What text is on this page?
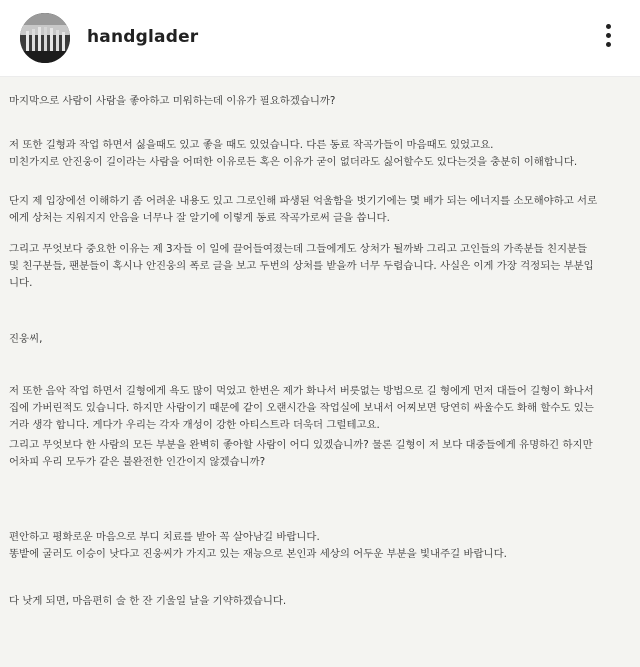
handglader

마지막으로 사람이 사람을 좋아하고 미워하는데 이유가 필요하겠습니까?

저 또한 길형과 작업 하면서 싫을때도 있고 좋을 때도 있었습니다. 다른 동료 작곡가들이 마음때도 있었고요.
미친가지로 안진웅이 길이라는 사람을 어떠한 이유로든 혹은 이유가 굳이 없더라도 싫어할수도 있다는것을 충분히 이해합니다.

단지 제 입장에선 이해하기 좀 어려운 내용도 있고 그로인해 파생된 억울함을 벗기기에는 몇 배가 되는 에너지를 소모해야하고 서로
에게 상처는 지워지지 안음을 너무나 잘 알기에 이렇게 동료 작곡가로써 글을 씁니다.

그리고 무엇보다 중요한 이유는 제 3자들 이 일에 끌어들여졌는데 그들에게도 상처가 될까봐 그리고 고인들의 가족분들 친지분들
및 친구분들, 팬분들이 혹시나 안진웅의 폭로 글을 보고 두번의 상처를 받을까 너무 두렵습니다. 사실은 이게 가장 걱정되는 부분입
니다.

진웅씨,

저 또한 음악 작업 하면서 길형에게 욕도 많이 먹었고 한번은 제가 화나서 버릇없는 방법으로 길 형에게 먼저 대들어 길형이 화나서
집에 가버린적도 있습니다. 하지만 사람이기 때문에 같이 오랜시간을 작업실에 보내서 어찌보면 당연히 싸울수도 화해 할수도 있는
거라 생각 합니다. 게다가 우리는 각자 개성이 강한 아티스트라 더욱더 그럴테고요.

그리고 무엇보다 한 사람의 모든 부분을 완벽히 좋아할 사람이 어디 있겠습니까? 물론 길형이 저 보다 대중들에게 유명하긴 하지만
어차피 우리 모두가 같은 불완전한 인간이지 않겠습니까?

편안하고 평화로운 마음으로 부디 치료를 받아 꼭 살아남길 바랍니다.
똥밭에 굴러도 이승이 낫다고 진웅씨가 가지고 있는 재능으로 본인과 세상의 어두운 부분을 빛내주길 바랍니다.

다 낫게 되면, 마음편히 술 한 잔 기울일 날을 기약하겠습니다.
